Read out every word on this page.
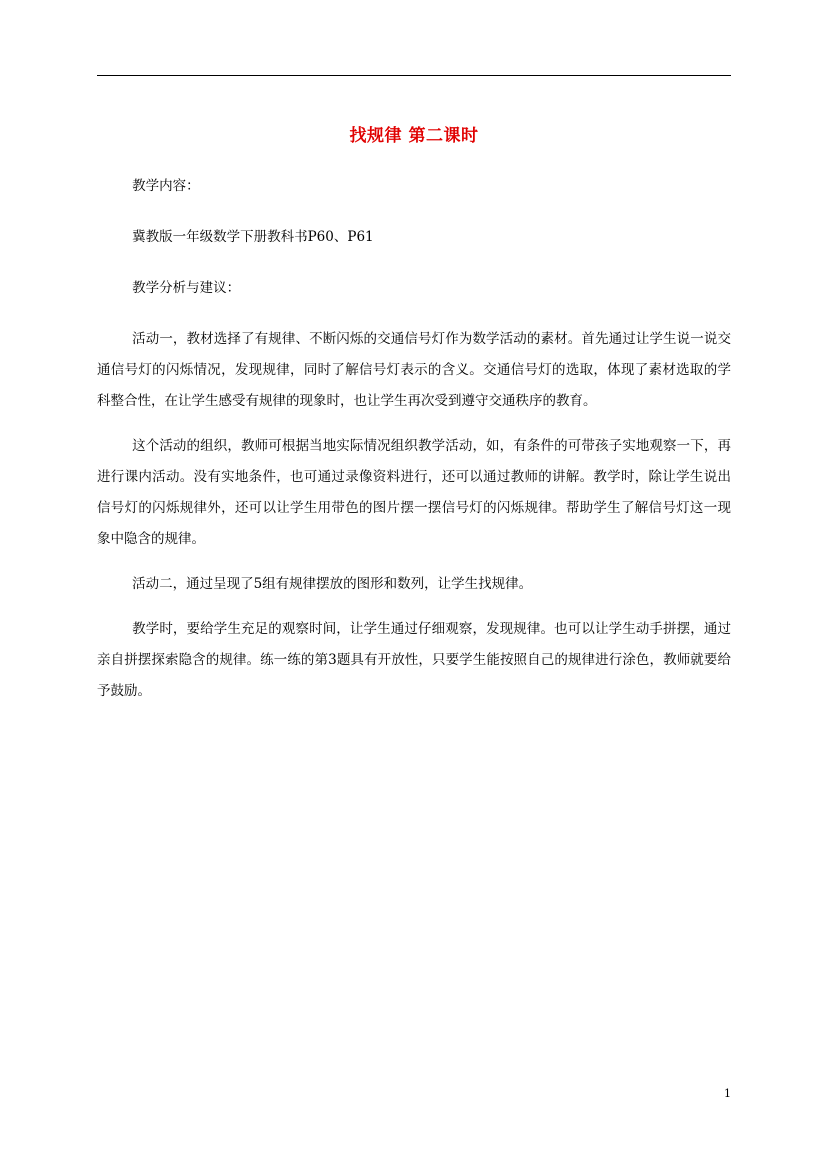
找规律 第二课时

教学内容：

冀教版一年级数学下册教科书P60、P61

教学分析与建议：

活动一，教材选择了有规律、不断闪烁的交通信号灯作为数学活动的素材。首先通过让学生说一说交通信号灯的闪烁情况，发现规律，同时了解信号灯表示的含义。交通信号灯的选取，体现了素材选取的学科整合性，在让学生感受有规律的现象时，也让学生再次受到遵守交通秩序的教育。

这个活动的组织，教师可根据当地实际情况组织教学活动，如，有条件的可带孩子实地观察一下，再进行课内活动。没有实地条件，也可通过录像资料进行，还可以通过教师的讲解。教学时，除让学生说出信号灯的闪烁规律外，还可以让学生用带色的图片摆一摆信号灯的闪烁规律。帮助学生了解信号灯这一现象中隐含的规律。

活动二，通过呈现了5组有规律摆放的图形和数列，让学生找规律。

教学时，要给学生充足的观察时间，让学生通过仔细观察，发现规律。也可以让学生动手拼摆，通过亲自拼摆探索隐含的规律。练一练的第3题具有开放性，只要学生能按照自己的规律进行涂色，教师就要给予鼓励。

1
